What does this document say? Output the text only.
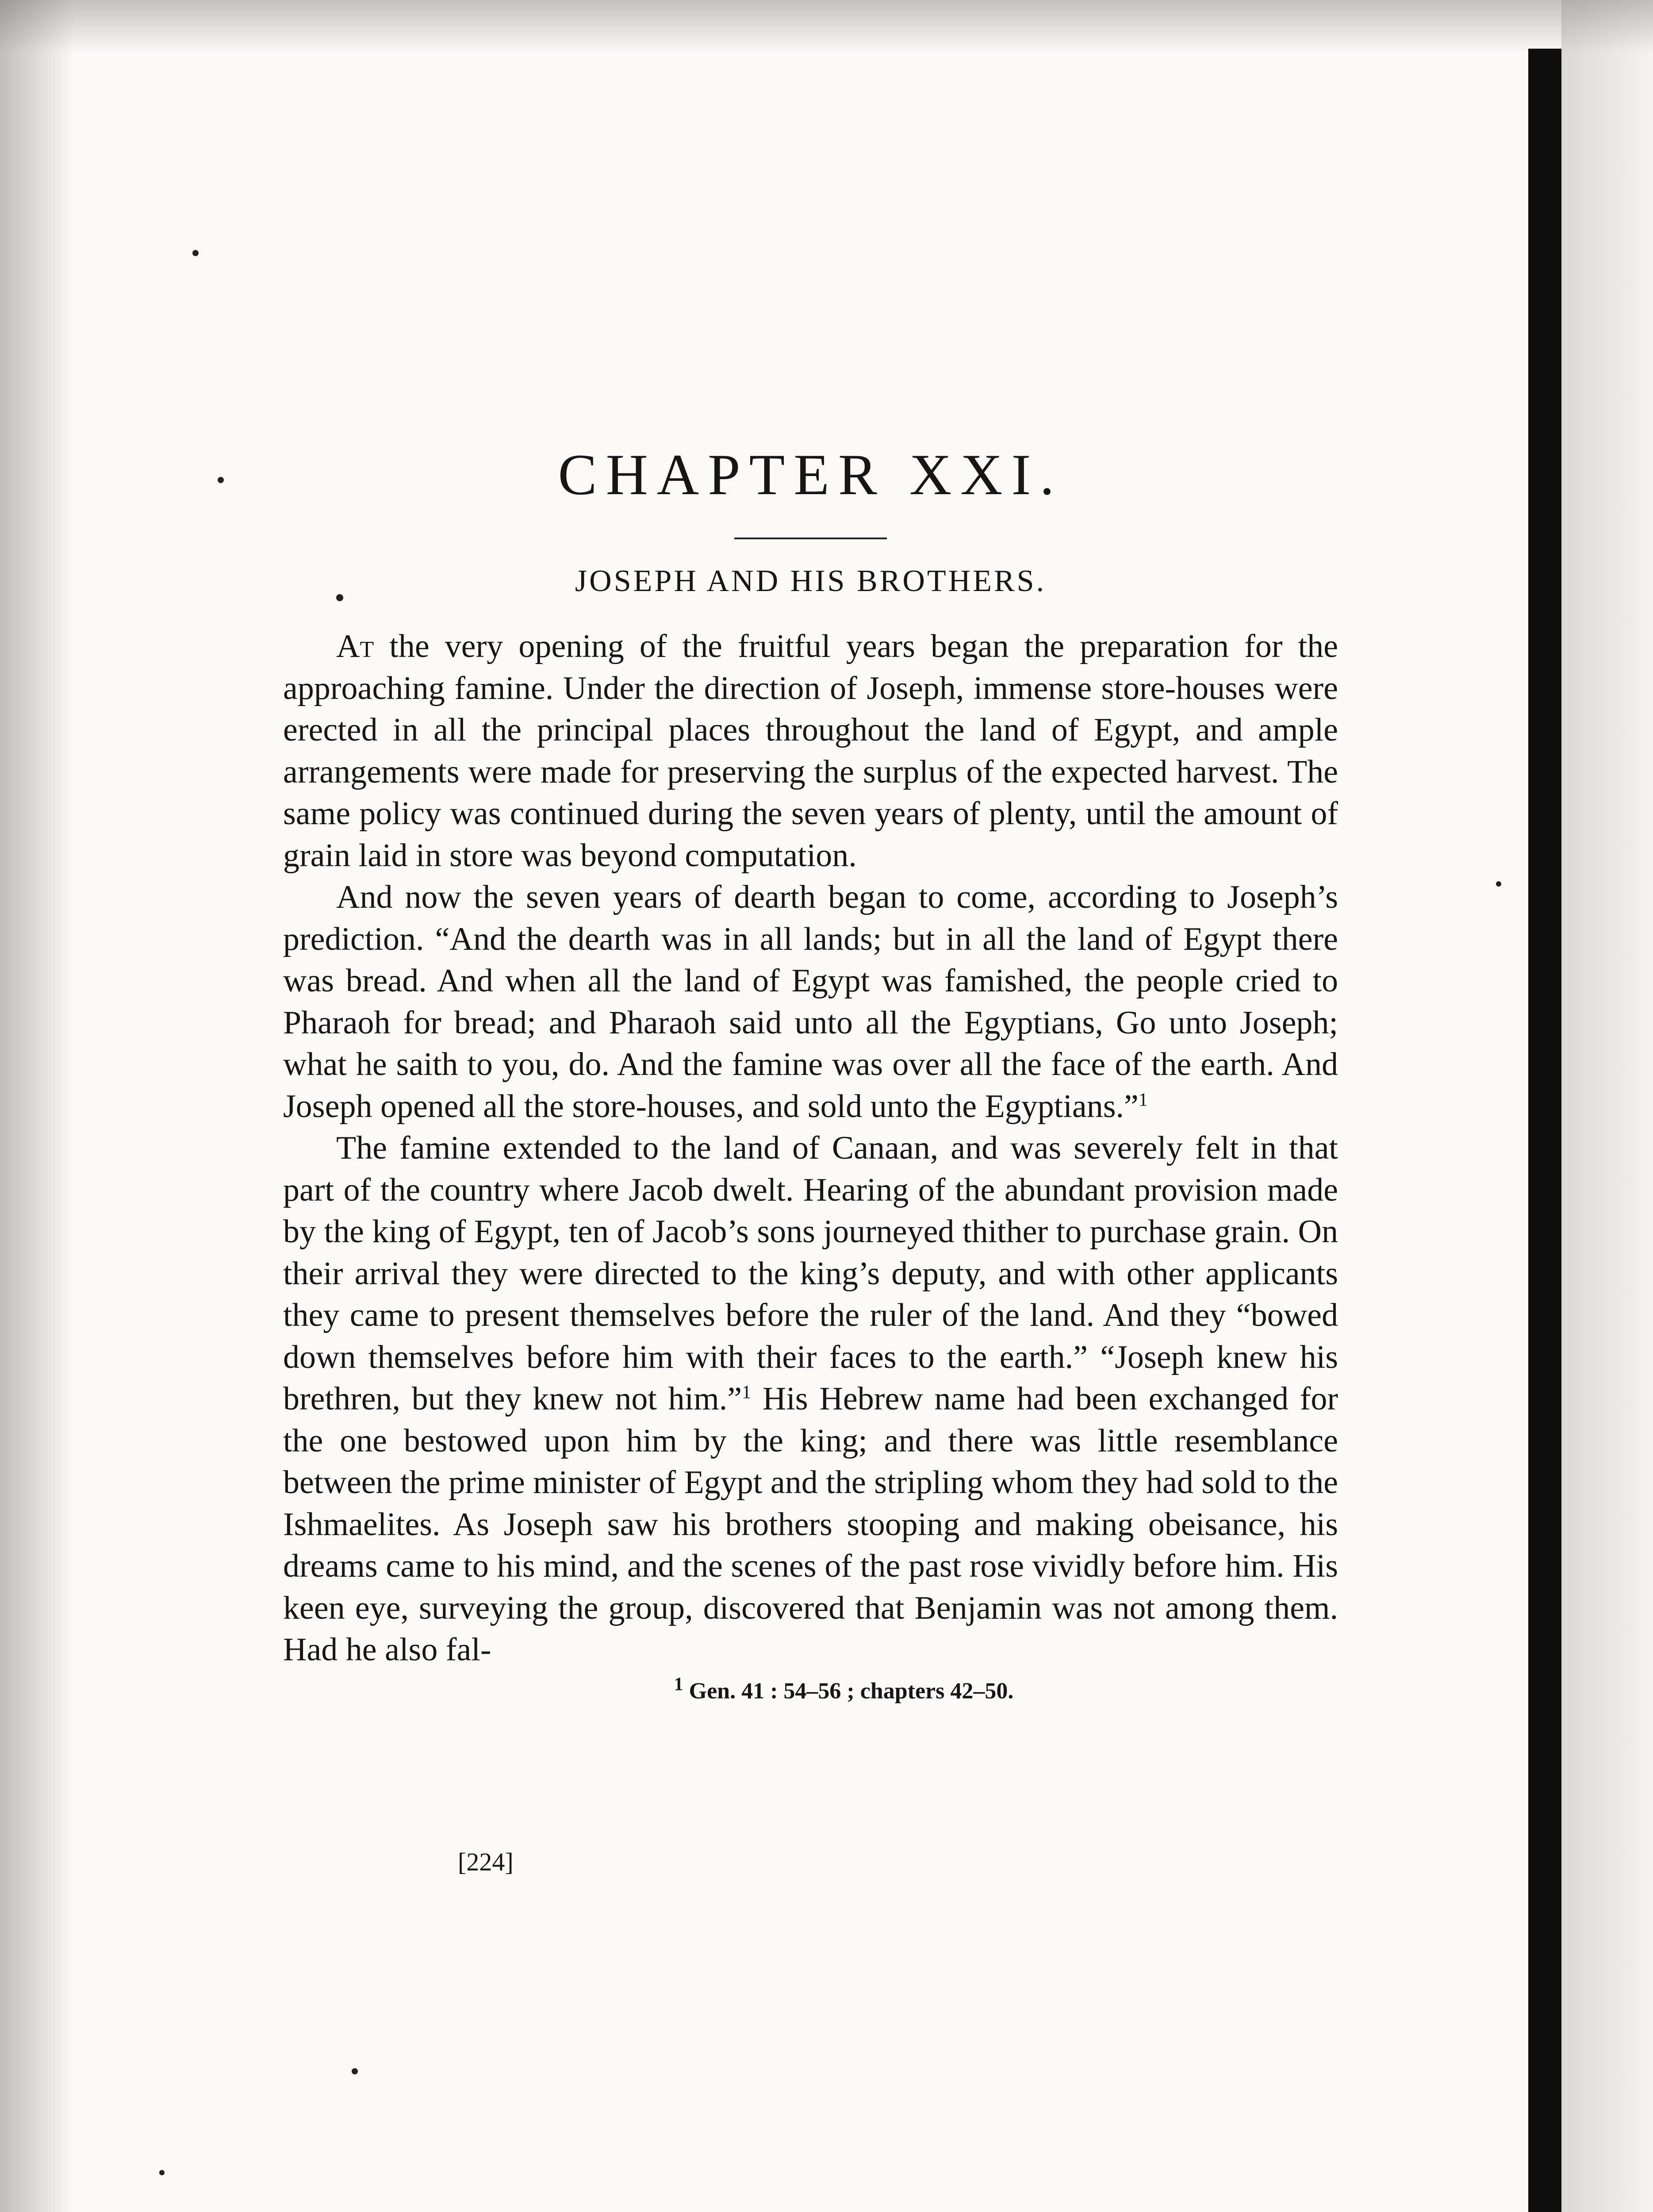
CHAPTER XXI.
JOSEPH AND HIS BROTHERS.

At the very opening of the fruitful years began the preparation for the approaching famine. Under the direction of Joseph, immense store-houses were erected in all the principal places throughout the land of Egypt, and ample arrangements were made for preserving the surplus of the expected harvest. The same policy was continued during the seven years of plenty, until the amount of grain laid in store was beyond computation.

And now the seven years of dearth began to come, according to Joseph’s prediction. “And the dearth was in all lands; but in all the land of Egypt there was bread. And when all the land of Egypt was famished, the people cried to Pharaoh for bread; and Pharaoh said unto all the Egyptians, Go unto Joseph; what he saith to you, do. And the famine was over all the face of the earth. And Joseph opened all the store-houses, and sold unto the Egyptians.”$^1$

The famine extended to the land of Canaan, and was severely felt in that part of the country where Jacob dwelt. Hearing of the abundant provision made by the king of Egypt, ten of Jacob’s sons journeyed thither to purchase grain. On their arrival they were directed to the king’s deputy, and with other applicants they came to present themselves before the ruler of the land. And they “bowed down themselves before him with their faces to the earth.” “Joseph knew his brethren, but they knew not him.”$^1$ His Hebrew name had been exchanged for the one bestowed upon him by the king; and there was little resemblance between the prime minister of Egypt and the stripling whom they had sold to the Ishmaelites. As Joseph saw his brothers stooping and making obeisance, his dreams came to his mind, and the scenes of the past rose vividly before him. His keen eye, surveying the group, discovered that Benjamin was not among them. Had he also fal-

$^1$ Gen. 41 : 54–56 ; chapters 42–50.
[224]
